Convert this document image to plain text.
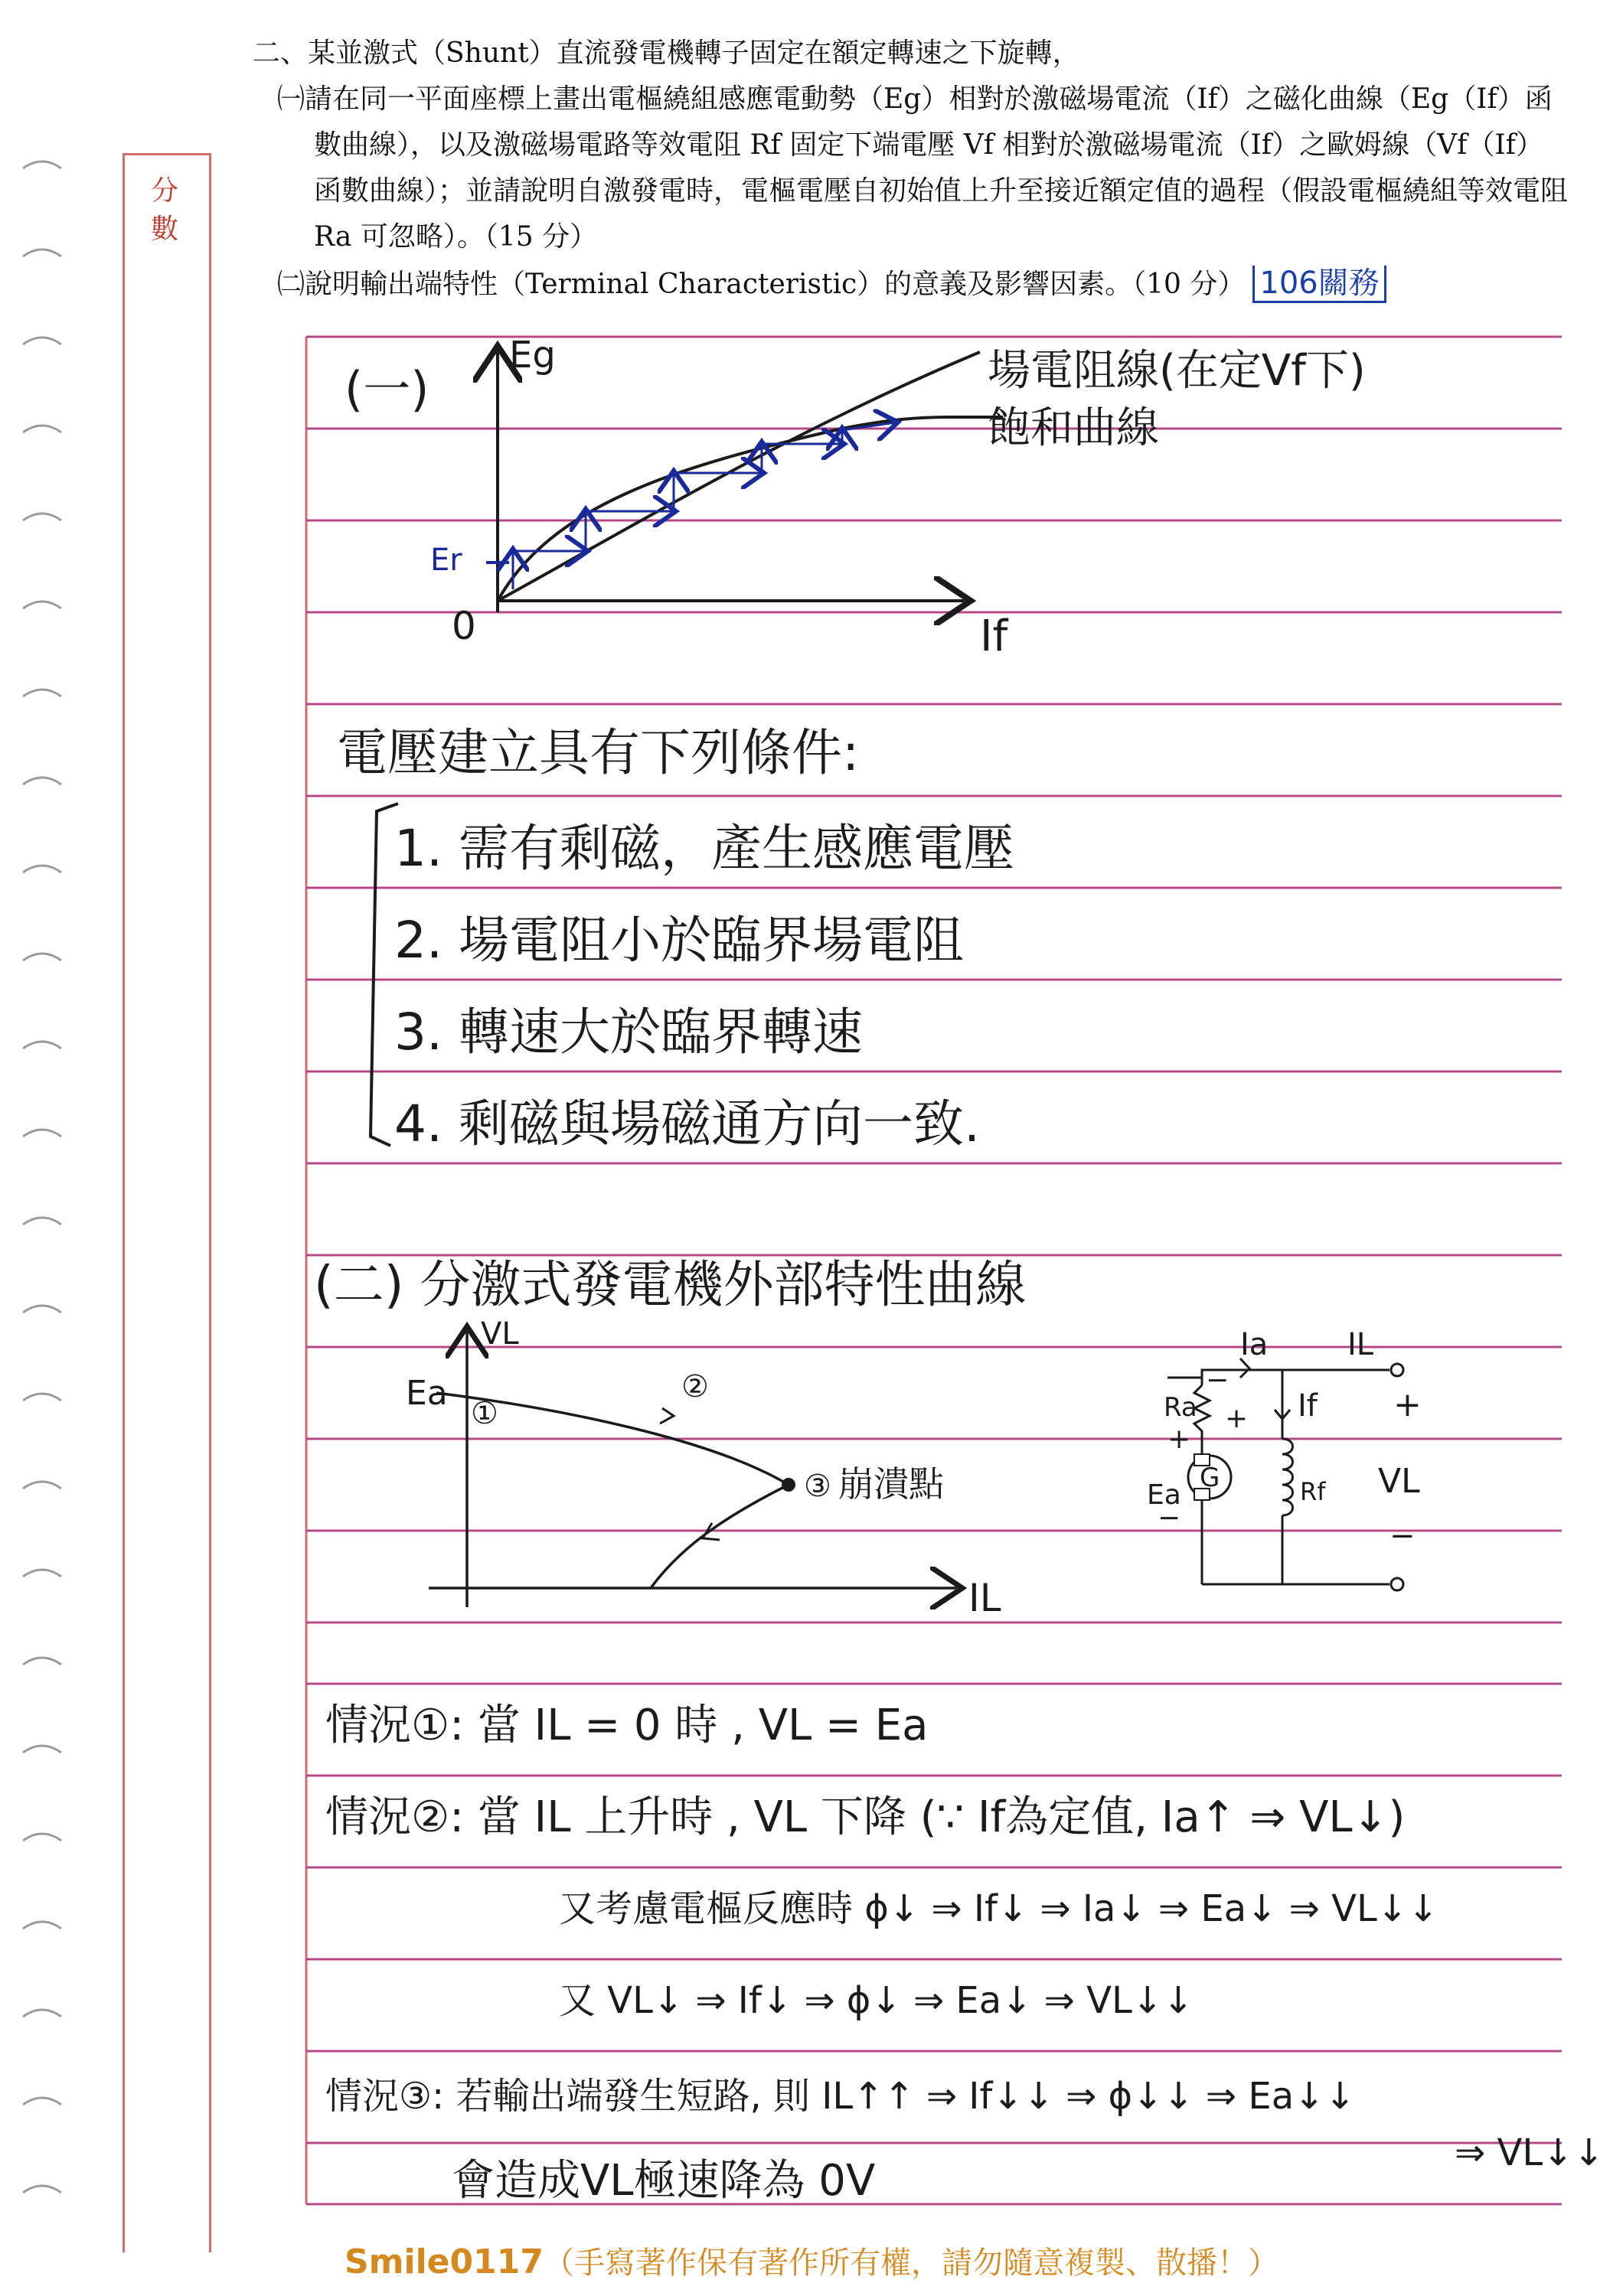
分數
二、某並激式（Shunt）直流發電機轉子固定在額定轉速之下旋轉，
㈠請在同一平面座標上畫出電樞繞組感應電動勢（Eg）相對於激磁場電流（If）之磁化曲線（Eg（If）函數曲線），以及激磁場電路等效電阻 Rf 固定下端電壓 Vf 相對於激磁場電流（If）之歐姆線（Vf（If）函數曲線）；並請說明自激發電時，電樞電壓自初始值上升至接近額定值的過程（假設電樞繞組等效電阻 Ra 可忽略）。（15 分）
㈡說明輸出端特性（Terminal Characteristic）的意義及影響因素。（10 分） 106關務
(一)
Eg
If
0
Er
場電阻線(在定Vf下)
飽和曲線
電壓建立具有下列條件:
1. 需有剩磁，產生感應電壓
2. 場電阻小於臨界場電阻
3. 轉速大於臨界轉速
4. 剩磁與場磁通方向一致.
(二) 分激式發電機外部特性曲線
VL
IL
Ea
①
②
③ 崩潰點
Ia	IL
−
Ra +
+
If +
G
Ea
−
Rf VL
−
情況①: 當 IL = 0 時 , VL = Ea
情況②: 當 IL 上升時 , VL 下降 (∵ If為定值, Ia↑ ⇒ VL↓)
又考慮電樞反應時 ϕ↓ ⇒ If↓ ⇒ Ia↓ ⇒ Ea↓ ⇒ VL↓↓
又 VL↓ ⇒ If↓ ⇒ ϕ↓ ⇒ Ea↓ ⇒ VL↓↓
情況③: 若輸出端發生短路, 則 IL↑↑ ⇒ If↓↓ ⇒ ϕ↓↓ ⇒ Ea↓↓
會造成VL極速降為 0V
⇒ VL↓↓
Smile0117（手寫著作保有著作所有權，請勿隨意複製、散播！）
